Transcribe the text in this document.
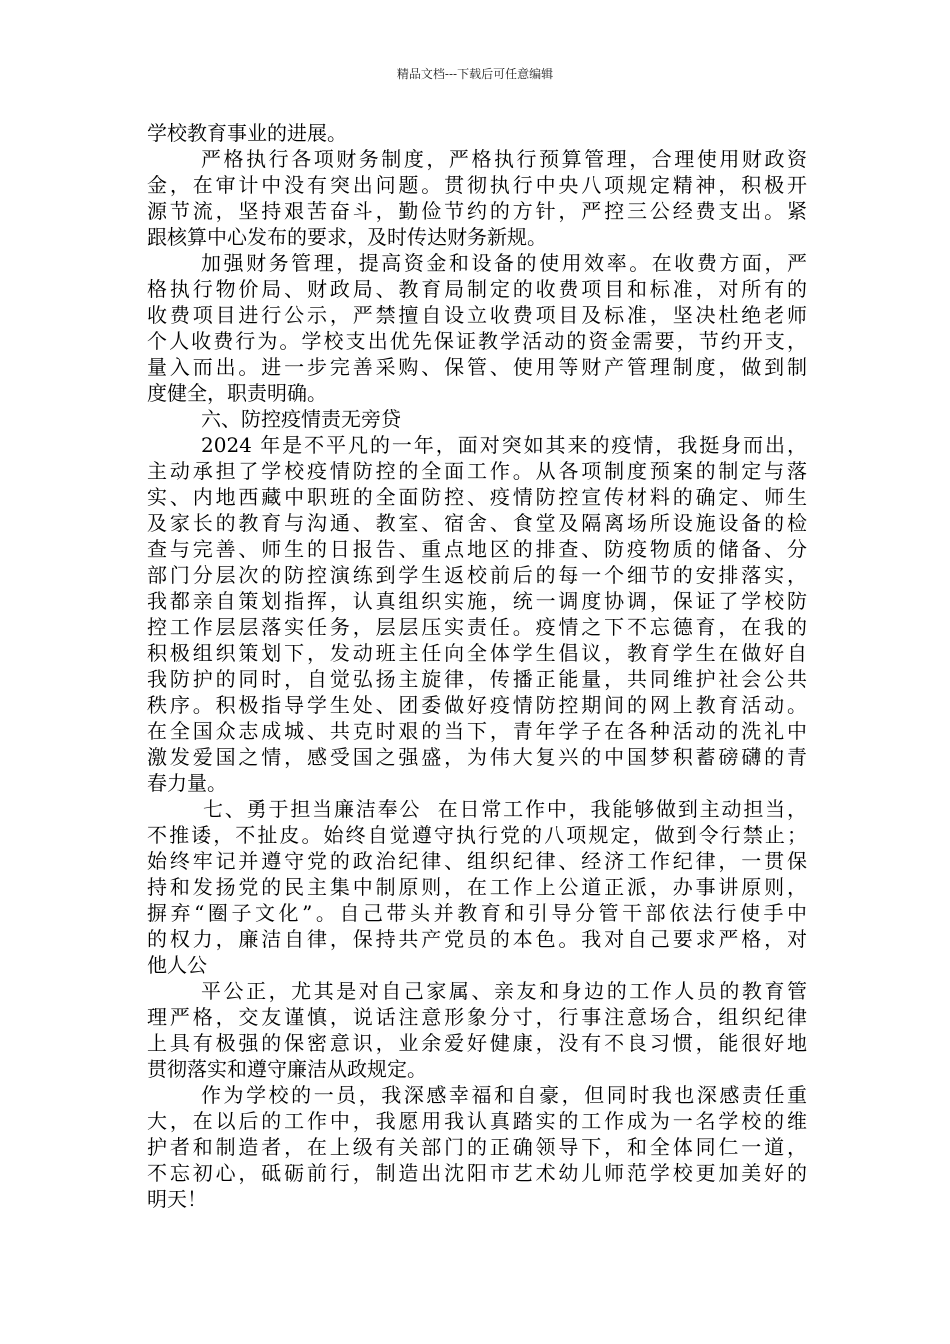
精品文档---下载后可任意编辑
学校教育事业的进展。
严格执行各项财务制度，严格执行预算管理，合理使用财政资
金，在审计中没有突出问题。贯彻执行中央八项规定精神，积极开
源节流，坚持艰苦奋斗，勤俭节约的方针，严控三公经费支出。紧
跟核算中心发布的要求，及时传达财务新规。
加强财务管理，提高资金和设备的使用效率。在收费方面，严
格执行物价局、财政局、教育局制定的收费项目和标准，对所有的
收费项目进行公示，严禁擅自设立收费项目及标准，坚决杜绝老师
个人收费行为。学校支出优先保证教学活动的资金需要，节约开支，
量入而出。进一步完善采购、保管、使用等财产管理制度，做到制
度健全，职责明确。
六、防控疫情责无旁贷
2024 年是不平凡的一年，面对突如其来的疫情，我挺身而出，
主动承担了学校疫情防控的全面工作。从各项制度预案的制定与落
实、内地西藏中职班的全面防控、疫情防控宣传材料的确定、师生
及家长的教育与沟通、教室、宿舍、食堂及隔离场所设施设备的检
查与完善、师生的日报告、重点地区的排查、防疫物质的储备、分
部门分层次的防控演练到学生返校前后的每一个细节的安排落实，
我都亲自策划指挥，认真组织实施，统一调度协调，保证了学校防
控工作层层落实任务，层层压实责任。疫情之下不忘德育，在我的
积极组织策划下，发动班主任向全体学生倡议，教育学生在做好自
我防护的同时，自觉弘扬主旋律，传播正能量，共同维护社会公共
秩序。积极指导学生处、团委做好疫情防控期间的网上教育活动。
在全国众志成城、共克时艰的当下，青年学子在各种活动的洗礼中
激发爱国之情，感受国之强盛，为伟大复兴的中国梦积蓄磅礴的青
春力量。
七、勇于担当廉洁奉公  在日常工作中，我能够做到主动担当，
不推诿，不扯皮。始终自觉遵守执行党的八项规定，做到令行禁止；
始终牢记并遵守党的政治纪律、组织纪律、经济工作纪律，一贯保
持和发扬党的民主集中制原则，在工作上公道正派，办事讲原则，
摒弃“圈子文化”。自己带头并教育和引导分管干部依法行使手中
的权力，廉洁自律，保持共产党员的本色。我对自己要求严格，对
他人公
平公正，尤其是对自己家属、亲友和身边的工作人员的教育管
理严格，交友谨慎，说话注意形象分寸，行事注意场合，组织纪律
上具有极强的保密意识，业余爱好健康，没有不良习惯，能很好地
贯彻落实和遵守廉洁从政规定。
作为学校的一员，我深感幸福和自豪，但同时我也深感责任重
大，在以后的工作中，我愿用我认真踏实的工作成为一名学校的维
护者和制造者，在上级有关部门的正确领导下，和全体同仁一道，
不忘初心，砥砺前行，制造出沈阳市艺术幼儿师范学校更加美好的
明天！
